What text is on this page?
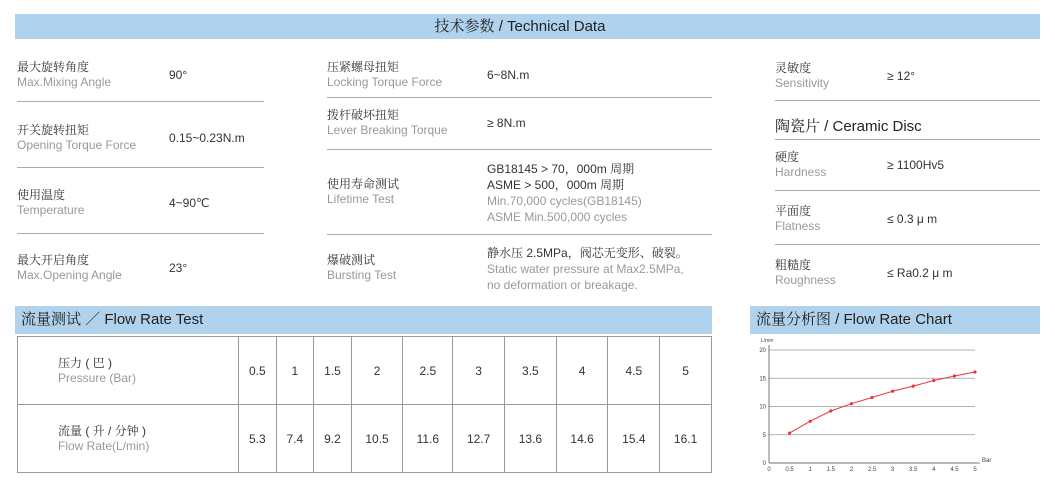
技术参数 / Technical Data
最大旋转角度
Max.Mixing Angle	90°
开关旋转扭矩
Opening Torque Force	0.15~0.23N.m
使用温度
Temperature	4~90℃
最大开启角度
Max.Opening Angle	23°
压紧螺母扭矩
Locking Torque Force	6~8N.m
拨杆破坏扭矩
Lever Breaking Torque	≥ 8N.m
使用寿命测试
Lifetime Test
GB18145 > 70，000m 周期
ASME > 500，000m 周期
Min.70,000 cycles(GB18145)
ASME Min.500,000 cycles
爆破测试
Bursting Test
静水压 2.5MPa，阀芯无变形、破裂。
Static water pressure at Max2.5MPa,
no deformation or breakage.
灵敏度
Sensitivity	≥ 12°
陶瓷片 / Ceramic Disc
硬度
Hardness	≥ 1100Hv5
平面度
Flatness	≤ 0.3 μ m
粗糙度
Roughness	≤ Ra0.2 μ m
流量测试 ／ Flow Rate Test	流量分析图 / Flow Rate Chart
压力 ( 巴 )
Pressure (Bar)	0.5	1	1.5	2	2.5	3	3.5	4	4.5	5

流量 ( 升 / 分钟 )
Flow Rate(L/min)	5.3	7.4	9.2	10.5	11.6	12.7	13.6	14.6	15.4	16.1
0
5
10
15
20
0 0.5 1 1.5 2 2.5 3 3.5 4 4.5 5
L/min
Bar
